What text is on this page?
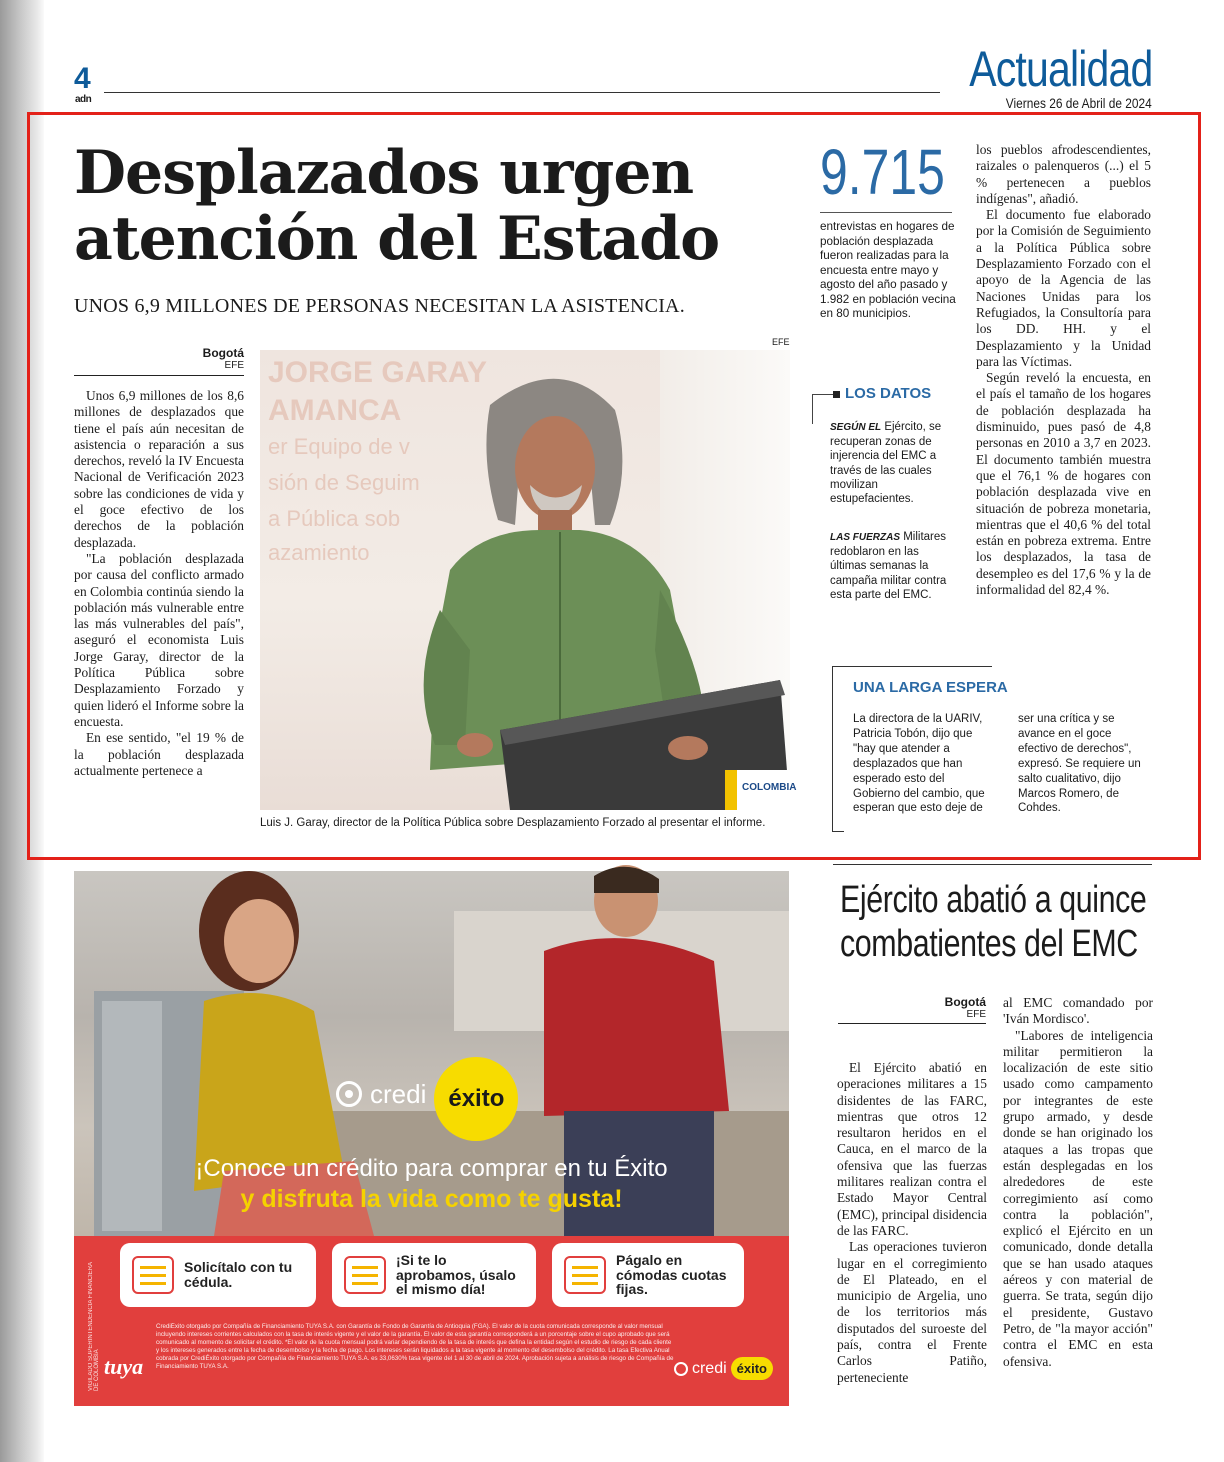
4
adn
Actualidad
Viernes 26 de Abril de 2024
Desplazados urgen atención del Estado
UNOS 6,9 MILLONES DE PERSONAS NECESITAN LA ASISTENCIA.
Bogotá
EFE

Unos 6,9 millones de los 8,6 millones de desplazados que tiene el país aún necesitan de asistencia o reparación a sus derechos, reveló la IV Encuesta Nacional de Verificación 2023 sobre las condiciones de vida y el goce efectivo de los derechos de la población desplazada.

"La población desplazada por causa del conflicto armado en Colombia continúa siendo la población más vulnerable entre las más vulnerables del país", aseguró el economista Luis Jorge Garay, director de la Política Pública sobre Desplazamiento Forzado y quien lideró el Informe sobre la encuesta.

En ese sentido, "el 19 % de la población desplazada actualmente pertenece a

EFE
JORGE GARAY
AMANCA
er Equipo de v
sión de Seguim
a Pública sob
azamiento
COLOMBIA
Luis J. Garay, director de la Política Pública sobre Desplazamiento Forzado al presentar el informe.
9.715
entrevistas en hogares de población desplazada fueron realizadas para la encuesta entre mayo y agosto del año pasado y 1.982 en población vecina en 80 municipios.
LOS DATOS
SEGÚN EL Ejército, se recuperan zonas de injerencia del EMC a través de las cuales movilizan estupefacientes.
LAS FUERZAS Militares redoblaron en las últimas semanas la campaña militar contra esta parte del EMC.

los pueblos afrodescendientes, raizales o palenqueros (...) el 5 % pertenecen a pueblos indígenas", añadió.

El documento fue elaborado por la Comisión de Seguimiento a la Política Pública sobre Desplazamiento Forzado con el apoyo de la Agencia de las Naciones Unidas para los Refugiados, la Consultoría para los DD. HH. y el Desplazamiento y la Unidad para las Víctimas.

Según reveló la encuesta, en el país el tamaño de los hogares de población desplazada ha disminuido, pues pasó de 4,8 personas en 2010 a 3,7 en 2023. El documento también muestra que el 76,1 % de hogares con población desplazada vive en situación de pobreza monetaria, mientras que el 40,6 % del total están en pobreza extrema. Entre los desplazados, la tasa de desempleo es del 17,6 % y la de informalidad del 82,4 %.

UNA LARGA ESPERA
La directora de la UARIV, Patricia Tobón, dijo que "hay que atender a desplazados que han esperado esto del Gobierno del cambio, que esperan que esto deje de ser una crítica y se avance en el goce efectivo de derechos", expresó. Se requiere un salto cualitativo, dijo Marcos Romero, de Cohdes.
credi éxito
¡Conoce un crédito para comprar en tu Éxito
y disfruta la vida como te gusta!
VIGILADO SUPERINTENDENCIA FINANCIERA DE COLOMBIA
Solicítalo con tu cédula.
¡Si te lo aprobamos, úsalo el mismo día!
Págalo en cómodas cuotas fijas.
CrediÉxito otorgado por Compañía de Financiamiento TUYA S.A. con Garantía de Fondo de Garantía de Antioquia (FGA). El valor de la cuota comunicada corresponde al valor mensual incluyendo intereses corrientes calculados con la tasa de interés vigente y el valor de la garantía. El valor de esta garantía corresponderá a un porcentaje sobre el cupo aprobado que será comunicado al momento de solicitar el crédito. *El valor de la cuota mensual podrá variar dependiendo de la tasa de interés que defina la entidad según el estudio de riesgo de cada cliente y los intereses generados entre la fecha de desembolso y la fecha de pago. Los intereses serán liquidados a la tasa vigente al momento del desembolso del crédito. La tasa Efectiva Anual cobrada por CrediÉxito otorgado por Compañía de Financiamiento TUYA S.A. es 33,0630% tasa vigente del 1 al 30 de abril de 2024. Aprobación sujeta a análisis de riesgo de Compañía de Financiamiento TUYA S.A.
tuya	credi éxito
Ejército abatió a quince combatientes del EMC
Bogotá
EFE

El Ejército abatió en operaciones militares a 15 disidentes de las FARC, mientras que otros 12 resultaron heridos en el Cauca, en el marco de la ofensiva que las fuerzas militares realizan contra el Estado Mayor Central (EMC), principal disidencia de las FARC.

Las operaciones tuvieron lugar en el corregimiento de El Plateado, en el municipio de Argelia, uno de los territorios más disputados del suroeste del país, contra el Frente Carlos Patiño, perteneciente

al EMC comandado por 'Iván Mordisco'.

"Labores de inteligencia militar permitieron la localización de este sitio usado como campamento por integrantes de este grupo armado, y desde donde se han originado los ataques a las tropas que están desplegadas en los alrededores de este corregimiento así como contra la población", explicó el Ejército en un comunicado, donde detalla que se han usado ataques aéreos y con material de guerra. Se trata, según dijo el presidente, Gustavo Petro, de "la mayor acción" contra el EMC en esta ofensiva.
